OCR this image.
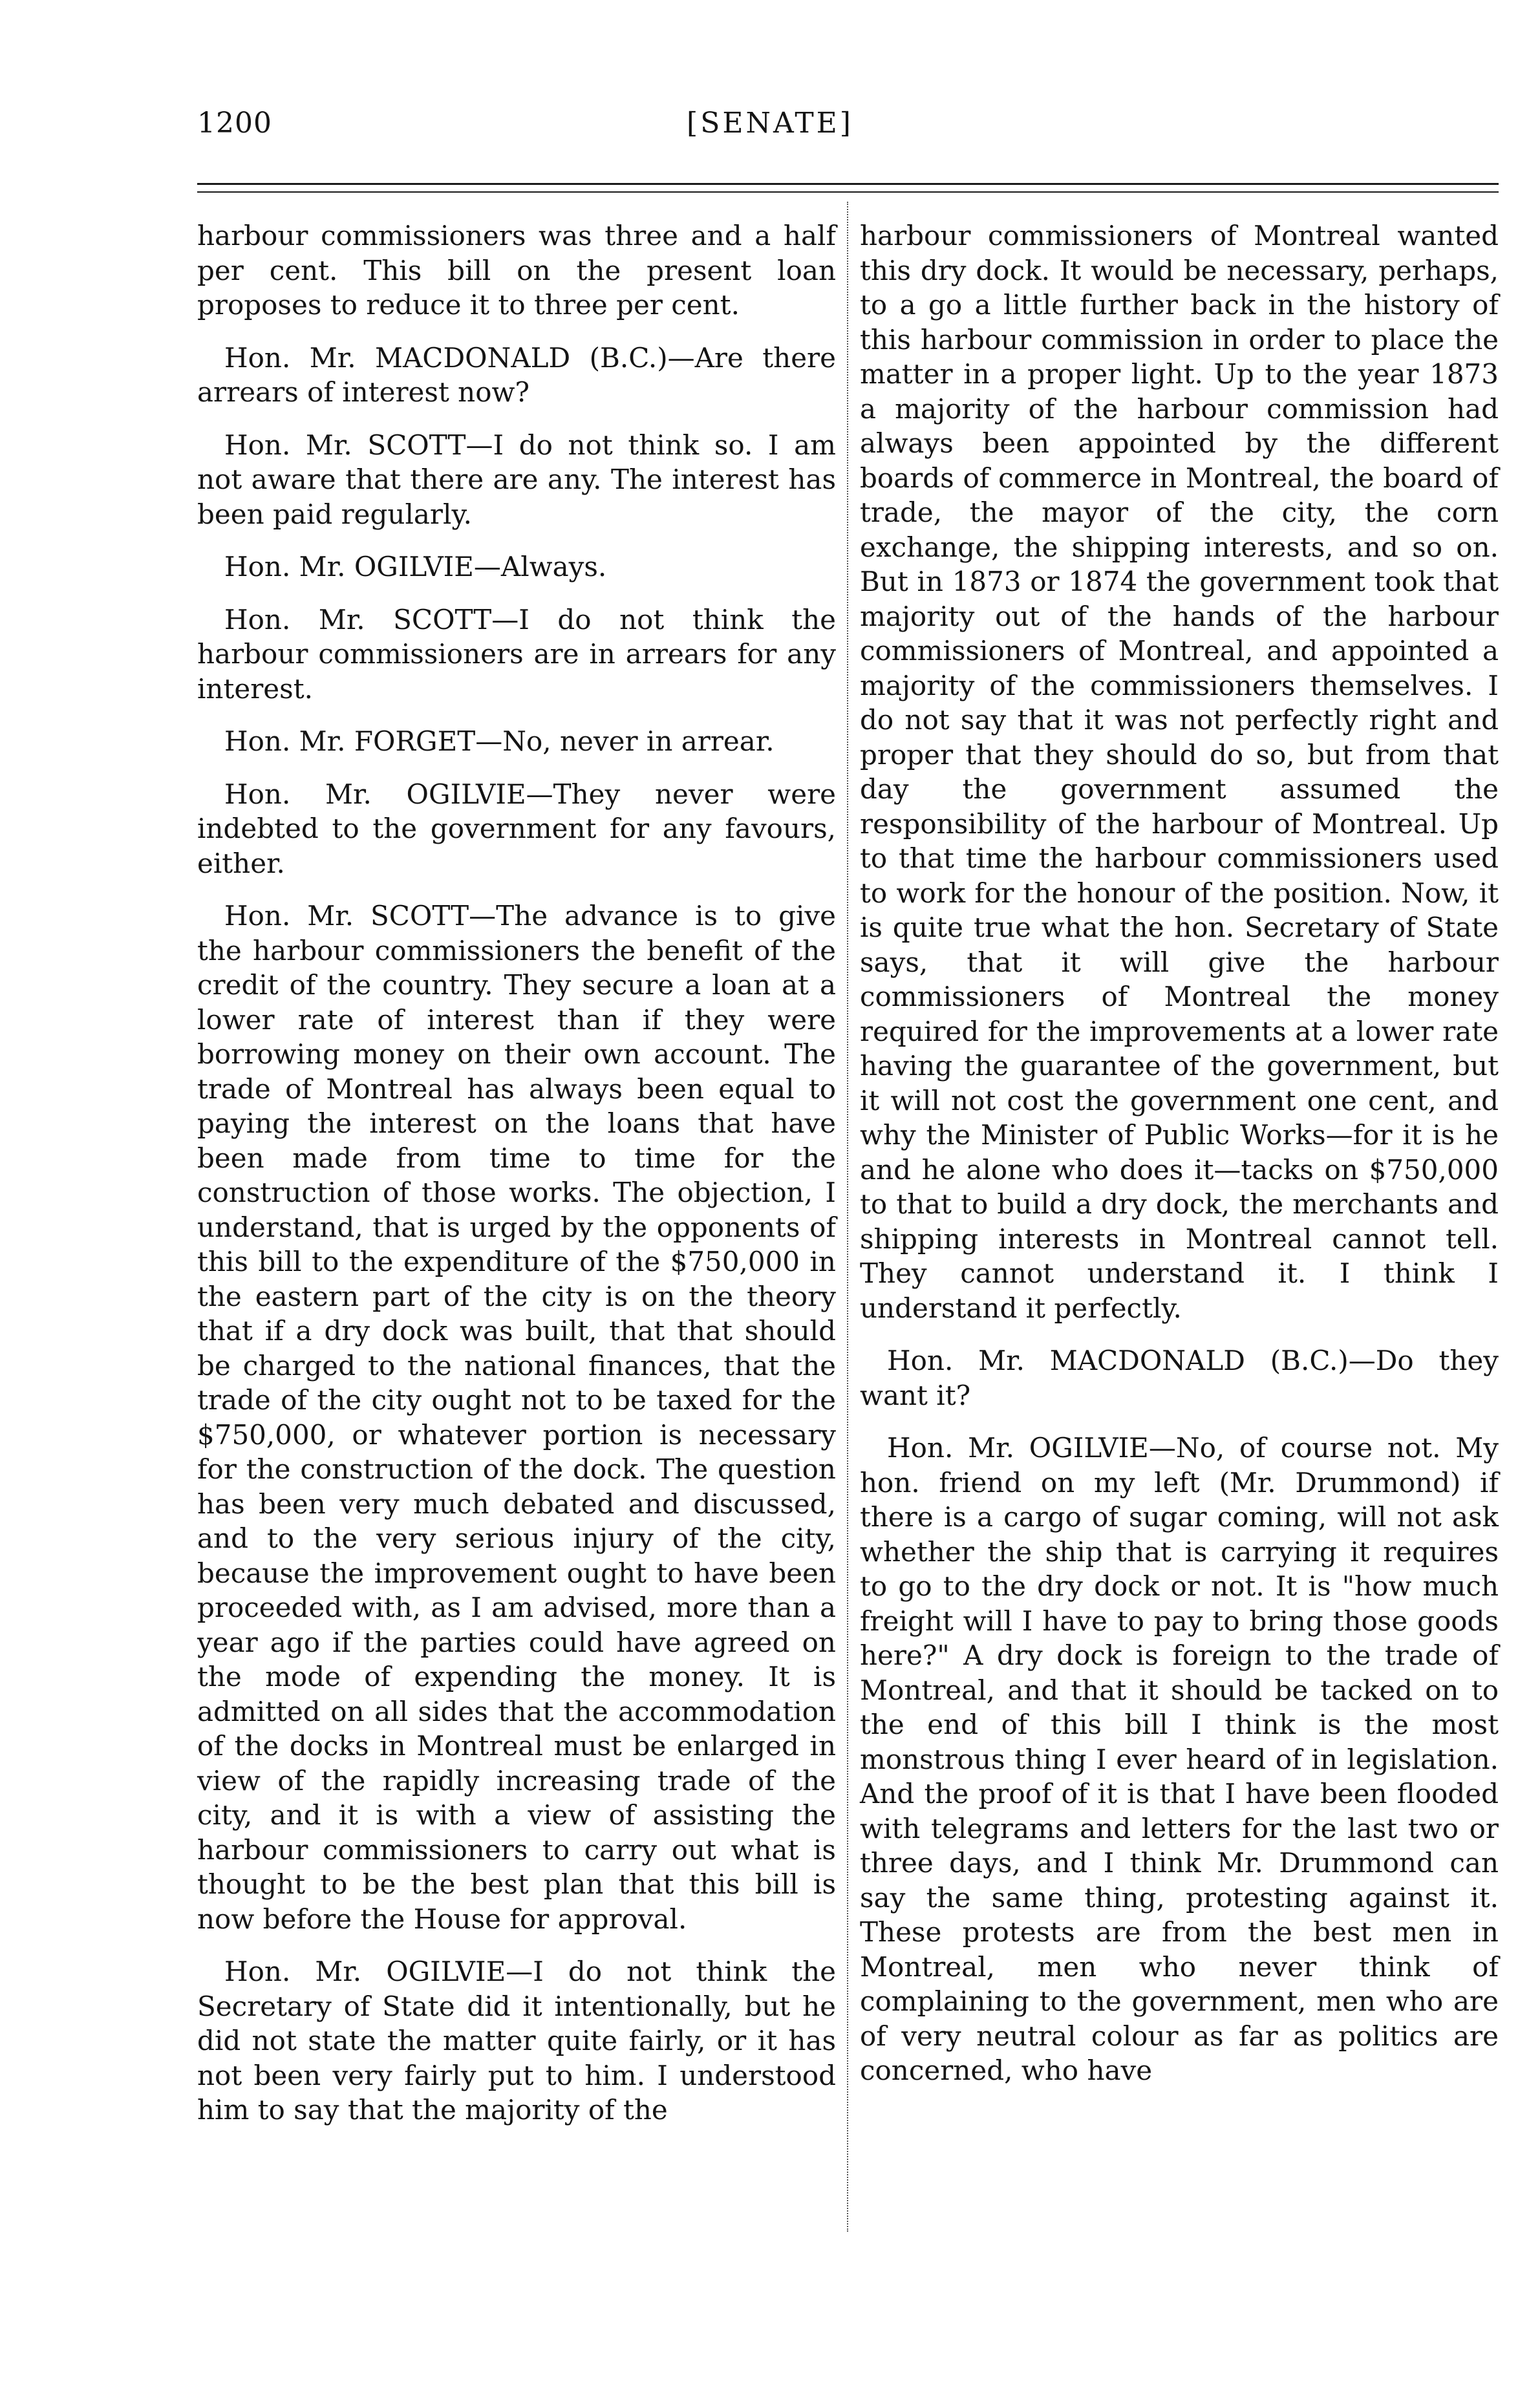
1200	[SENATE]

harbour commissioners was three and a half per cent. This bill on the present loan proposes to reduce it to three per cent.

Hon. Mr. MACDONALD (B.C.)—Are there arrears of interest now?

Hon. Mr. SCOTT—I do not think so. I am not aware that there are any. The interest has been paid regularly.

Hon. Mr. OGILVIE—Always.

Hon. Mr. SCOTT—I do not think the harbour commissioners are in arrears for any interest.

Hon. Mr. FORGET—No, never in arrear.

Hon. Mr. OGILVIE—They never were indebted to the government for any favours, either.

Hon. Mr. SCOTT—The advance is to give the harbour commissioners the benefit of the credit of the country. They secure a loan at a lower rate of interest than if they were borrowing money on their own account. The trade of Montreal has always been equal to paying the interest on the loans that have been made from time to time for the construction of those works. The objection, I understand, that is urged by the opponents of this bill to the expenditure of the $750,000 in the eastern part of the city is on the theory that if a dry dock was built, that that should be charged to the national finances, that the trade of the city ought not to be taxed for the $750,000, or whatever portion is necessary for the construction of the dock. The question has been very much debated and discussed, and to the very serious injury of the city, because the improvement ought to have been proceeded with, as I am advised, more than a year ago if the parties could have agreed on the mode of expending the money. It is admitted on all sides that the accommodation of the docks in Montreal must be enlarged in view of the rapidly increasing trade of the city, and it is with a view of assisting the harbour commissioners to carry out what is thought to be the best plan that this bill is now before the House for approval.

Hon. Mr. OGILVIE—I do not think the Secretary of State did it intentionally, but he did not state the matter quite fairly, or it has not been very fairly put to him. I understood him to say that the majority of the

harbour commissioners of Montreal wanted this dry dock. It would be necessary, perhaps, to a go a little further back in the history of this harbour commission in order to place the matter in a proper light. Up to the year 1873 a majority of the harbour commission had always been appointed by the different boards of commerce in Montreal, the board of trade, the mayor of the city, the corn exchange, the shipping interests, and so on. But in 1873 or 1874 the government took that majority out of the hands of the harbour commissioners of Montreal, and appointed a majority of the commissioners themselves. I do not say that it was not perfectly right and proper that they should do so, but from that day the government assumed the responsibility of the harbour of Montreal. Up to that time the harbour commissioners used to work for the honour of the position. Now, it is quite true what the hon. Secretary of State says, that it will give the harbour commissioners of Montreal the money required for the improvements at a lower rate having the guarantee of the government, but it will not cost the government one cent, and why the Minister of Public Works—for it is he and he alone who does it—tacks on $750,000 to that to build a dry dock, the merchants and shipping interests in Montreal cannot tell. They cannot understand it. I think I understand it perfectly.

Hon. Mr. MACDONALD (B.C.)—Do they want it?

Hon. Mr. OGILVIE—No, of course not. My hon. friend on my left (Mr. Drummond) if there is a cargo of sugar coming, will not ask whether the ship that is carrying it requires to go to the dry dock or not. It is "how much freight will I have to pay to bring those goods here?" A dry dock is foreign to the trade of Montreal, and that it should be tacked on to the end of this bill I think is the most monstrous thing I ever heard of in legislation. And the proof of it is that I have been flooded with telegrams and letters for the last two or three days, and I think Mr. Drummond can say the same thing, protesting against it. These protests are from the best men in Montreal, men who never think of complaining to the government, men who are of very neutral colour as far as politics are concerned, who have
